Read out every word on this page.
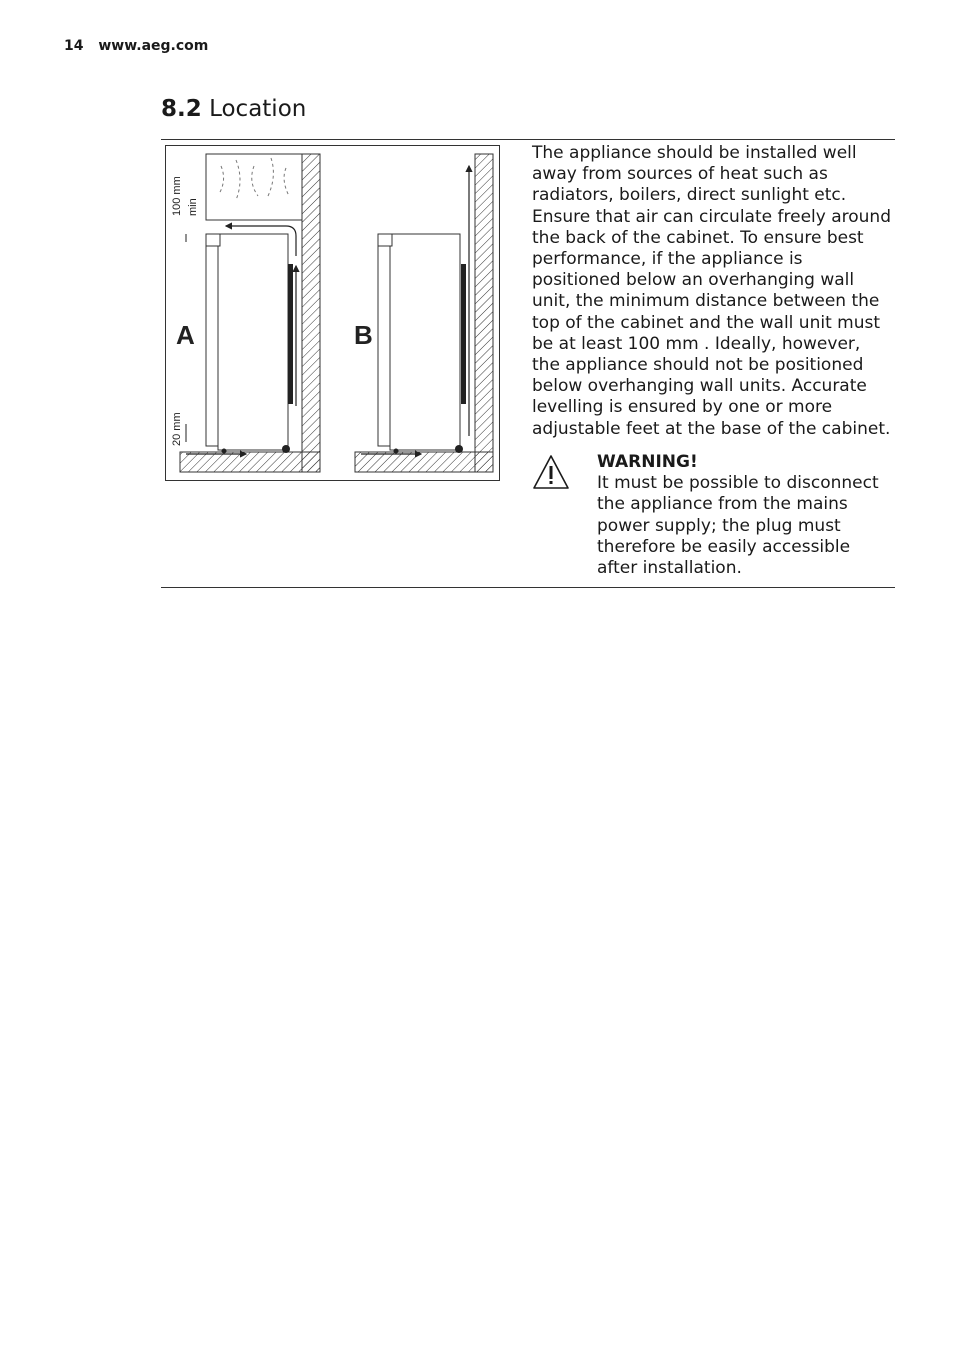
14 www.aeg.com
8.2 Location
100 mm min
20 mm
A	B

The appliance should be installed well away from sources of heat such as radiators, boilers, direct sunlight etc. Ensure that air can circulate freely around the back of the cabinet. To ensure best performance, if the appliance is positioned below an overhanging wall unit, the minimum distance between the top of the cabinet and the wall unit must be at least 100 mm . Ideally, however, the appliance should not be positioned below overhanging wall units. Accurate levelling is ensured by one or more adjustable feet at the base of the cabinet.

WARNING!

It must be possible to disconnect the appliance from the mains power supply; the plug must therefore be easily accessible after installation.
